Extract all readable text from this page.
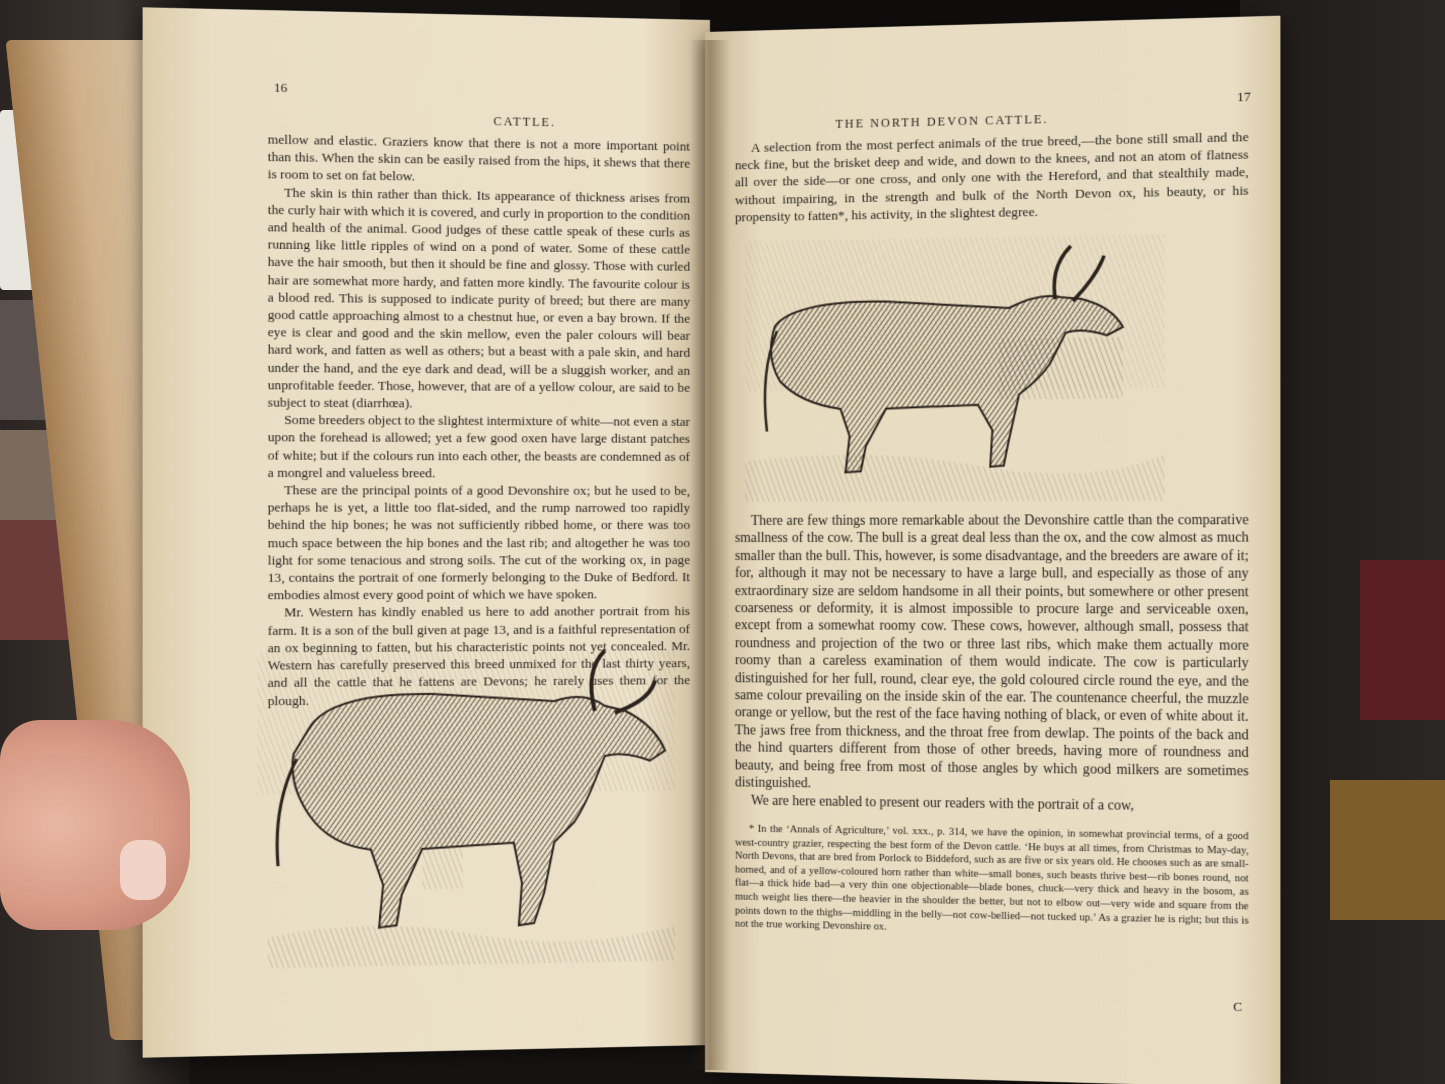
16
CATTLE.

mellow and elastic. Graziers know that there is not a more important point than this. When the skin can be easily raised from the hips, it shews that there is room to set on fat below.

The skin is thin rather than thick. Its appearance of thickness arises from the curly hair with which it is covered, and curly in proportion to the condition and health of the animal. Good judges of these cattle speak of these curls as running like little ripples of wind on a pond of water. Some of these cattle have the hair smooth, but then it should be fine and glossy. Those with curled hair are somewhat more hardy, and fatten more kindly. The favourite colour is a blood red. This is supposed to indicate purity of breed; but there are many good cattle approaching almost to a chestnut hue, or even a bay brown. If the eye is clear and good and the skin mellow, even the paler colours will bear hard work, and fatten as well as others; but a beast with a pale skin, and hard under the hand, and the eye dark and dead, will be a sluggish worker, and an unprofitable feeder. Those, however, that are of a yellow colour, are said to be subject to steat (diarrhœa).

Some breeders object to the slightest intermixture of white—not even a star upon the forehead is allowed; yet a few good oxen have large distant patches of white; but if the colours run into each other, the beasts are condemned as of a mongrel and valueless breed.

These are the principal points of a good Devonshire ox; but he used to be, perhaps he is yet, a little too flat-sided, and the rump narrowed too rapidly behind the hip bones; he was not sufficiently ribbed home, or there was too much space between the hip bones and the last rib; and altogether he was too light for some tenacious and strong soils. The cut of the working ox, in page 13, contains the portrait of one formerly belonging to the Duke of Bedford. It embodies almost every good point of which we have spoken.

Mr. Western has kindly enabled us here to add another portrait from his farm. It is a son of the bull given at page 13, and is a faithful representation of an ox beginning to fatten, but his characteristic points not yet concealed. Mr. Western has carefully preserved this breed unmixed for the last thirty years, and all the cattle that he fattens are Devons; he rarely uses them for the plough.

17
THE NORTH DEVON CATTLE.

A selection from the most perfect animals of the true breed,—the bone still small and the neck fine, but the brisket deep and wide, and down to the knees, and not an atom of flatness all over the side—or one cross, and only one with the Hereford, and that stealthily made, without impairing, in the strength and bulk of the North Devon ox, his beauty, or his propensity to fatten*, his activity, in the slightest degree.

There are few things more remarkable about the Devonshire cattle than the comparative smallness of the cow. The bull is a great deal less than the ox, and the cow almost as much smaller than the bull. This, however, is some disadvantage, and the breeders are aware of it; for, although it may not be necessary to have a large bull, and especially as those of any extraordinary size are seldom handsome in all their points, but somewhere or other present coarseness or deformity, it is almost impossible to procure large and serviceable oxen, except from a somewhat roomy cow. These cows, however, although small, possess that roundness and projection of the two or three last ribs, which make them actually more roomy than a careless examination of them would indicate. The cow is particularly distinguished for her full, round, clear eye, the gold coloured circle round the eye, and the same colour prevailing on the inside skin of the ear. The countenance cheerful, the muzzle orange or yellow, but the rest of the face having nothing of black, or even of white about it. The jaws free from thickness, and the throat free from dewlap. The points of the back and the hind quarters different from those of other breeds, having more of roundness and beauty, and being free from most of those angles by which good milkers are sometimes distinguished.

We are here enabled to present our readers with the portrait of a cow,

* In the ‘Annals of Agriculture,’ vol. xxx., p. 314, we have the opinion, in somewhat provincial terms, of a good west-country grazier, respecting the best form of the Devon cattle. ‘He buys at all times, from Christmas to May-day, North Devons, that are bred from Porlock to Biddeford, such as are five or six years old. He chooses such as are small-horned, and of a yellow-coloured horn rather than white—small bones, such beasts thrive best—rib bones round, not flat—a thick hide bad—a very thin one objectionable—blade bones, chuck—very thick and heavy in the bosom, as much weight lies there—the heavier in the shoulder the better, but not to elbow out—very wide and square from the points down to the thighs—middling in the belly—not cow-bellied—not tucked up.’ As a grazier he is right; but this is not the true working Devonshire ox.

C
